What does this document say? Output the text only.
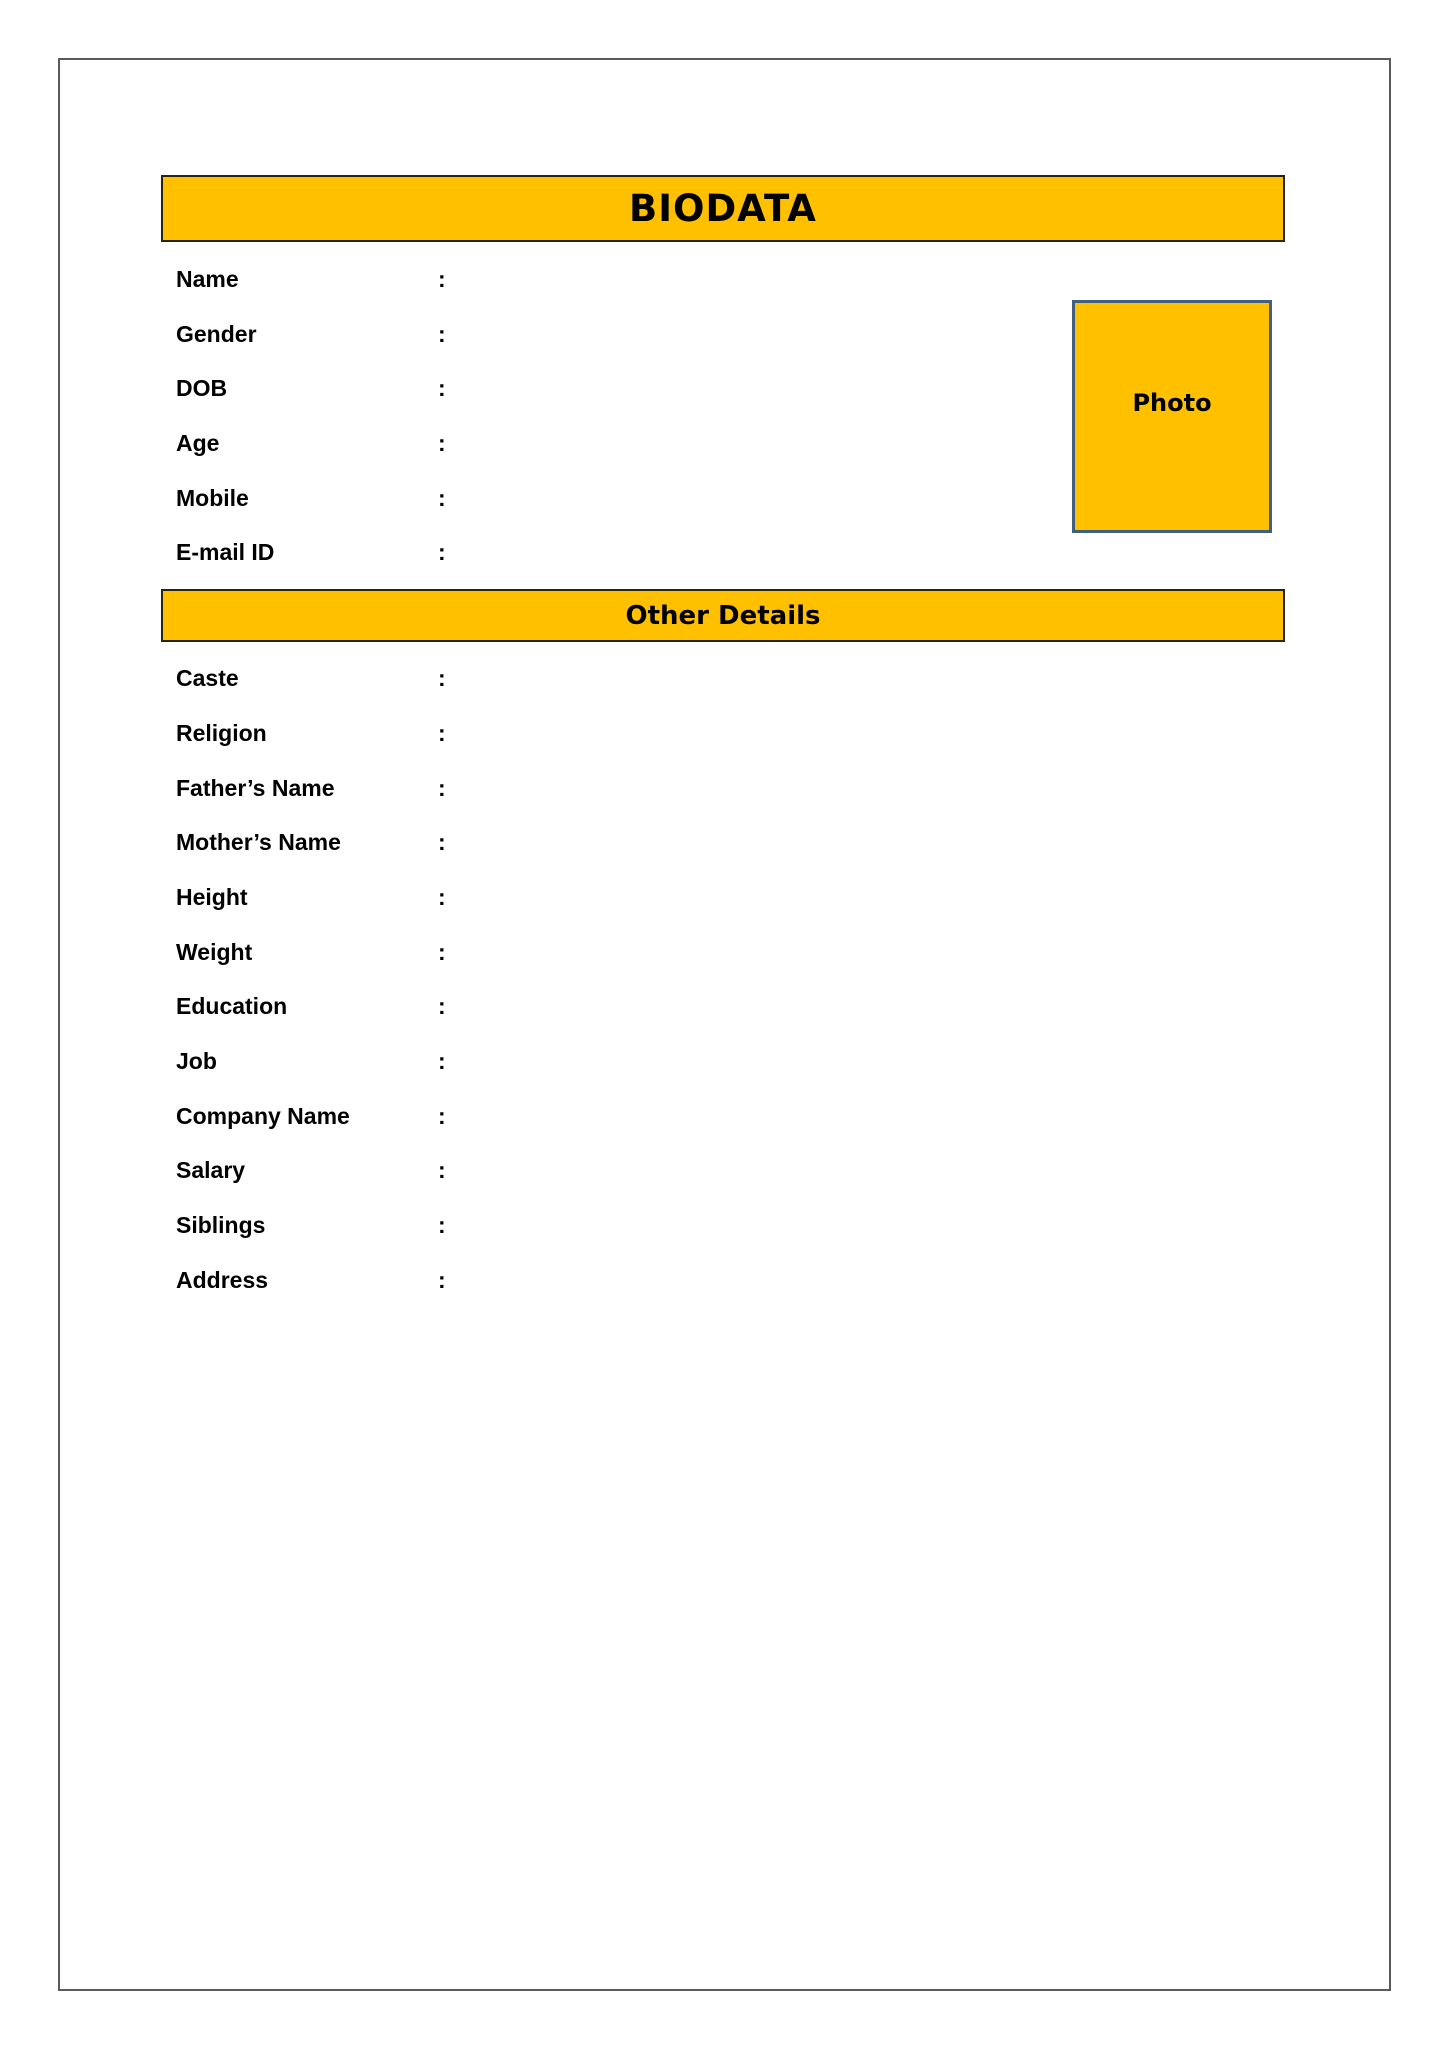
BIODATA
Name	:
Gender	:
DOB	:
Age	:
Mobile	:
E-mail ID	:
Photo
Other Details
Caste	:
Religion	:
Father’s Name	:
Mother’s Name	:
Height	:
Weight	:
Education	:
Job	:
Company Name	:
Salary	:
Siblings	:
Address	:
